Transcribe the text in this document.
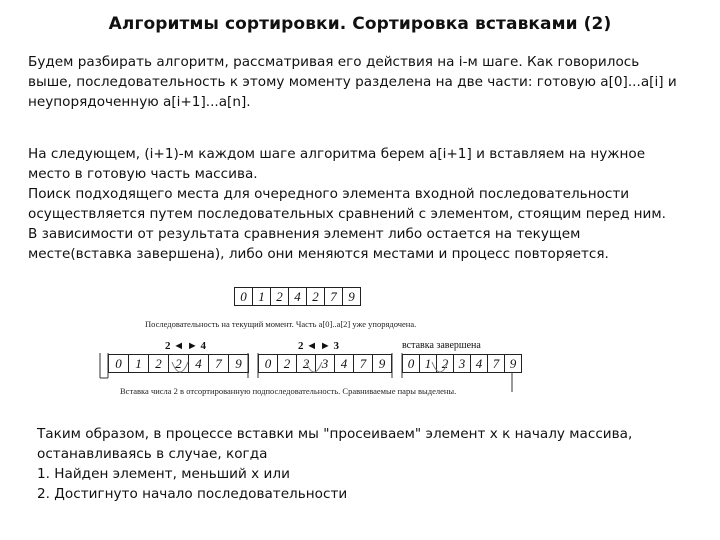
Алгоритмы сортировки. Сортировка вставками (2)

Будем разбирать алгоритм, рассматривая его действия на i-м шаге. Как говорилось
выше, последовательность к этому моменту разделена на две части: готовую a[0]...a[i] и
неупорядоченную a[i+1]...a[n].

На следующем, (i+1)-м каждом шаге алгоритма берем a[i+1] и вставляем на нужное
место в готовую часть массива.
Поиск подходящего места для очередного элемента входной последовательности
осуществляется путем последовательных сравнений с элементом, стоящим перед ним.
В зависимости от результата сравнения элемент либо остается на текущем
месте(вставка завершена), либо они меняются местами и процесс повторяется.

0 1 2 4 2 7 9
Последовательность на текущий момент. Часть a[0]..a[2] уже упорядочена.
2 ◄ ► 4	2 ◄ ► 3	вставка завершена
0	1	2	2	4	7	9	0 2 2 3 4 7 9	0 1 2 3 4 7 9
Вставка числа 2 в отсортированную подпоследовательность. Сравниваемые пары выделены.

Таким образом, в процессе вставки мы "просеиваем" элемент x к началу массива,
останавливаясь в случае, когда
1. Найден элемент, меньший x или
2. Достигнуто начало последовательности
